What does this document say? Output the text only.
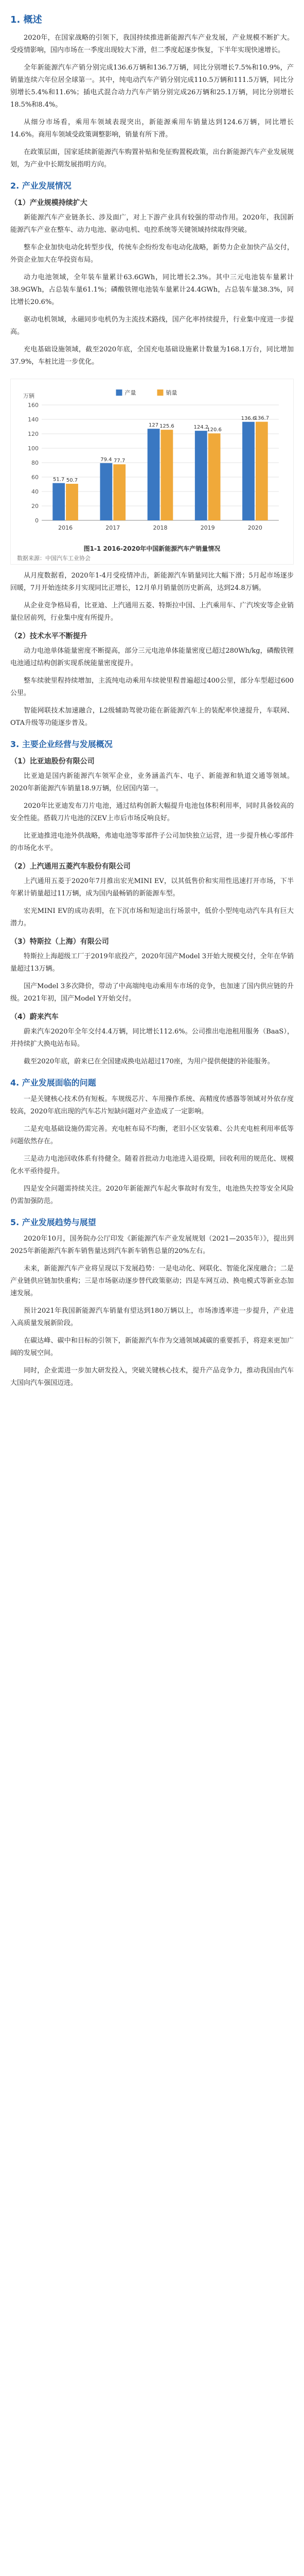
1. 概述

2020年，在国家战略的引领下，我国持续推进新能源汽车产业发展，产业规模不断扩大。受疫情影响，国内市场在一季度出现较大下滑，但二季度起逐步恢复，下半年实现快速增长。

全年新能源汽车产销分别完成136.6万辆和136.7万辆，同比分别增长7.5%和10.9%，产销量连续六年位居全球第一。其中，纯电动汽车产销分别完成110.5万辆和111.5万辆，同比分别增长5.4%和11.6%；插电式混合动力汽车产销分别完成26万辆和25.1万辆，同比分别增长18.5%和8.4%。

从细分市场看，乘用车领域表现突出，新能源乘用车销量达到124.6万辆，同比增长14.6%。商用车领域受政策调整影响，销量有所下滑。

在政策层面，国家延续新能源汽车购置补贴和免征购置税政策，出台新能源汽车产业发展规划，为产业中长期发展指明方向。

2. 产业发展情况
（1）产业规模持续扩大

新能源汽车产业链条长、涉及面广，对上下游产业具有较强的带动作用。2020年，我国新能源汽车产业在整车、动力电池、驱动电机、电控系统等关键领域持续取得突破。

整车企业加快电动化转型步伐，传统车企纷纷发布电动化战略，新势力企业加快产品交付，外资企业加大在华投资布局。

动力电池领域，全年装车量累计63.6GWh，同比增长2.3%。其中三元电池装车量累计38.9GWh，占总装车量61.1%；磷酸铁锂电池装车量累计24.4GWh，占总装车量38.3%，同比增长20.6%。

驱动电机领域，永磁同步电机仍为主流技术路线，国产化率持续提升，行业集中度进一步提高。

充电基础设施领域，截至2020年底，全国充电基础设施累计数量为168.1万台，同比增加37.9%，车桩比进一步优化。

0
20
40
60
80
100
120
140
160
万辆
51.7 50.7
2016
79.4 77.7
2017
127 125.6
2018
124.2
120.6
2019
136.6
136.7
2020
产量	销量
图1-1 2016-2020年中国新能源汽车产销量情况
数据来源：中国汽车工业协会

从月度数据看，2020年1-4月受疫情冲击，新能源汽车销量同比大幅下滑；5月起市场逐步回暖，7月开始连续多月实现同比正增长，12月单月销量创历史新高，达到24.8万辆。

从企业竞争格局看，比亚迪、上汽通用五菱、特斯拉中国、上汽乘用车、广汽埃安等企业销量位居前列，行业集中度有所提升。

（2）技术水平不断提升

动力电池单体能量密度不断提高，部分三元电池单体能量密度已超过280Wh/kg，磷酸铁锂电池通过结构创新实现系统能量密度提升。

整车续驶里程持续增加，主流纯电动乘用车续驶里程普遍超过400公里，部分车型超过600公里。

智能网联技术加速融合，L2级辅助驾驶功能在新能源汽车上的装配率快速提升，车联网、OTA升级等功能逐步普及。

3. 主要企业经营与发展概况
（1）比亚迪股份有限公司

比亚迪是国内新能源汽车领军企业，业务涵盖汽车、电子、新能源和轨道交通等领域。2020年新能源汽车销量18.9万辆，位居国内第一。

2020年比亚迪发布刀片电池，通过结构创新大幅提升电池包体积利用率，同时具备较高的安全性能。搭载刀片电池的汉EV上市后市场反响良好。

比亚迪推进电池外供战略，弗迪电池等零部件子公司加快独立运营，进一步提升核心零部件的市场化水平。

（2）上汽通用五菱汽车股份有限公司

上汽通用五菱于2020年7月推出宏光MINI EV，以其低售价和实用性迅速打开市场，下半年累计销量超过11万辆，成为国内最畅销的新能源车型。

宏光MINI EV的成功表明，在下沉市场和短途出行场景中，低价小型纯电动汽车具有巨大潜力。

（3）特斯拉（上海）有限公司

特斯拉上海超级工厂于2019年底投产，2020年国产Model 3开始大规模交付，全年在华销量超过13万辆。

国产Model 3多次降价，带动了中高端纯电动乘用车市场的竞争，也加速了国内供应链的升级。2021年初，国产Model Y开始交付。

（4）蔚来汽车

蔚来汽车2020年全年交付4.4万辆，同比增长112.6%。公司推出电池租用服务（BaaS），并持续扩大换电站布局。

截至2020年底，蔚来已在全国建成换电站超过170座，为用户提供便捷的补能服务。

4. 产业发展面临的问题

一是关键核心技术仍有短板。车规级芯片、车用操作系统、高精度传感器等领域对外依存度较高，2020年底出现的汽车芯片短缺问题对产业造成了一定影响。

二是充电基础设施仍需完善。充电桩布局不均衡，老旧小区安装难、公共充电桩利用率低等问题依然存在。

三是动力电池回收体系有待健全。随着首批动力电池进入退役期，回收利用的规范化、规模化水平亟待提升。

四是安全问题需持续关注。2020年新能源汽车起火事故时有发生，电池热失控等安全风险仍需加强防范。

5. 产业发展趋势与展望

2020年10月，国务院办公厅印发《新能源汽车产业发展规划（2021—2035年）》，提出到2025年新能源汽车新车销售量达到汽车新车销售总量的20%左右。

未来，新能源汽车产业将呈现以下发展趋势：一是电动化、网联化、智能化深度融合；二是产业链供应链加快重构；三是市场驱动逐步替代政策驱动；四是车网互动、换电模式等新业态加速发展。

预计2021年我国新能源汽车销量有望达到180万辆以上，市场渗透率进一步提升，产业进入高质量发展新阶段。

在碳达峰、碳中和目标的引领下，新能源汽车作为交通领域减碳的重要抓手，将迎来更加广阔的发展空间。

同时，企业需进一步加大研发投入，突破关键核心技术，提升产品竞争力，推动我国由汽车大国向汽车强国迈进。
